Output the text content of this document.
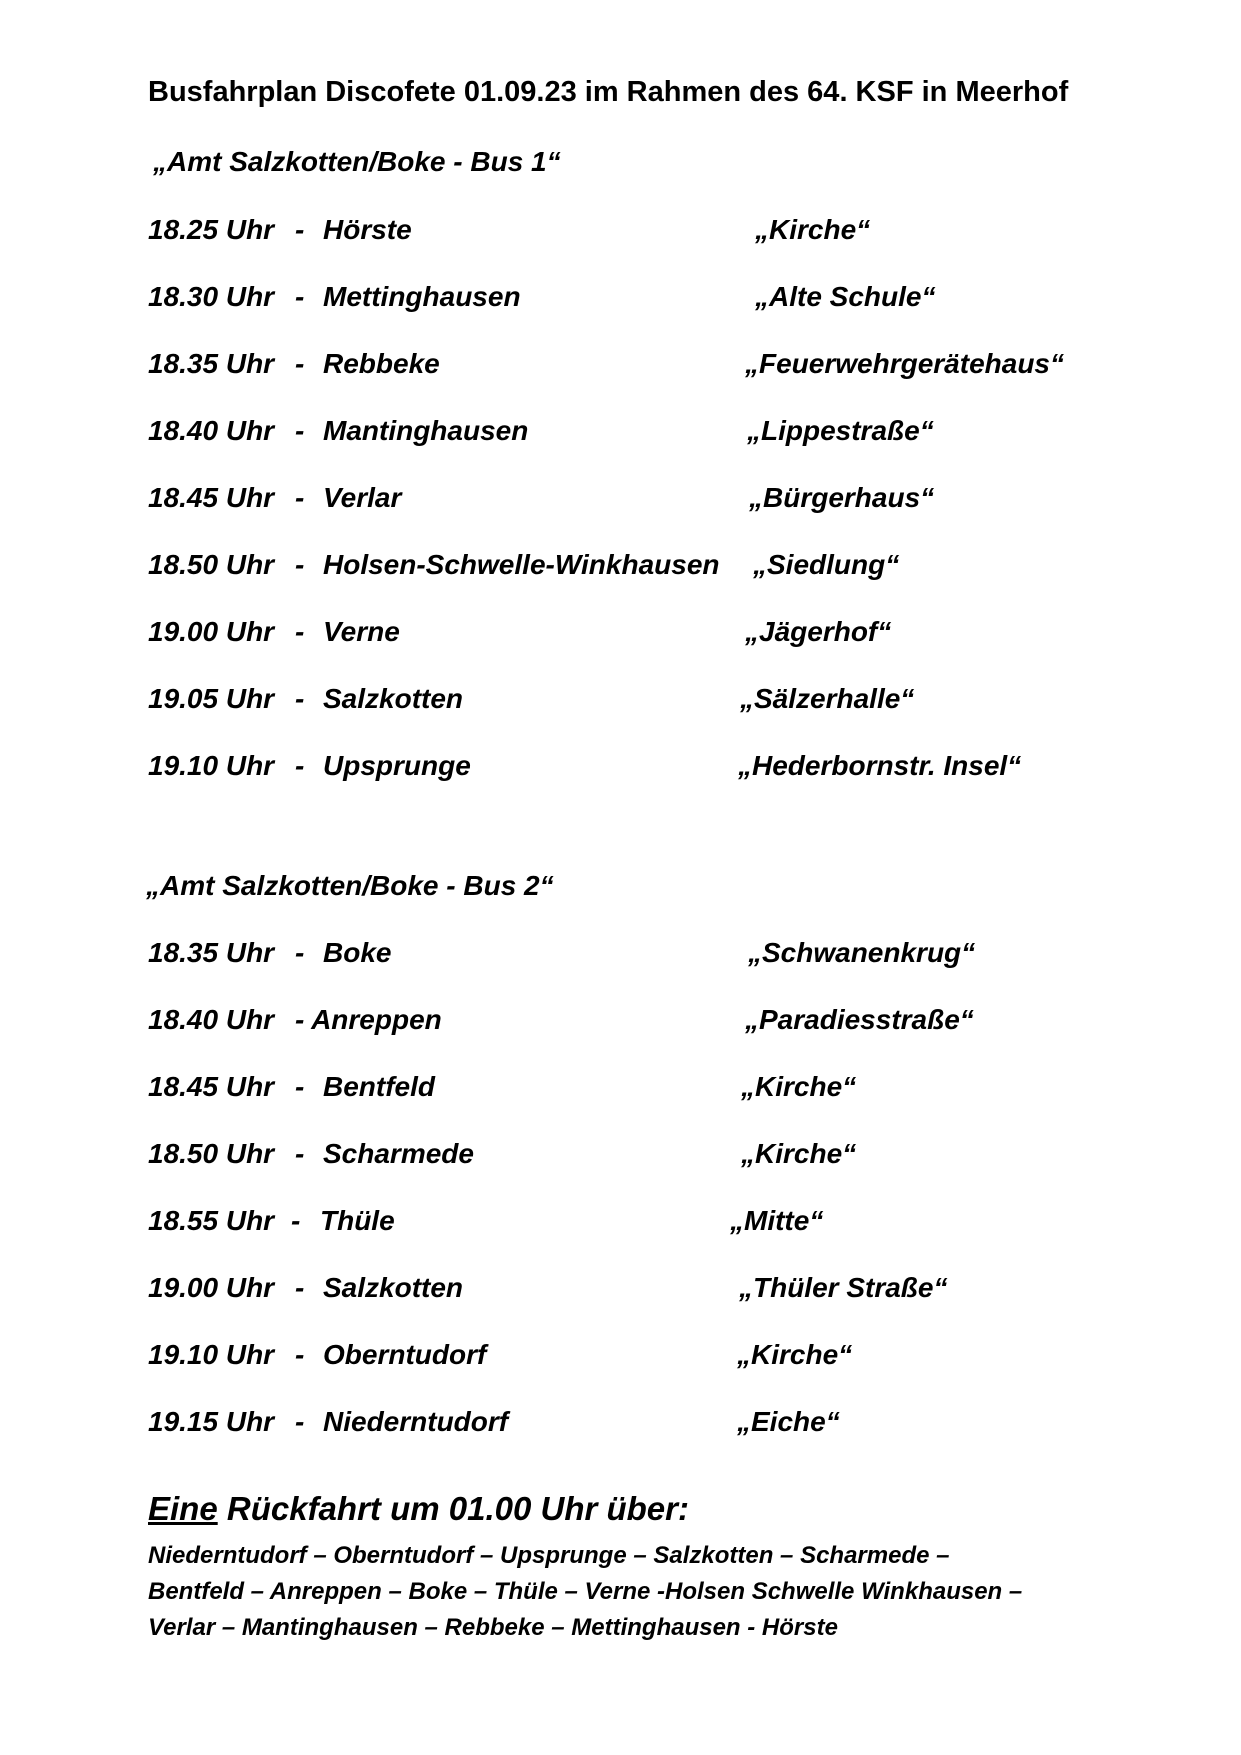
Busfahrplan Discofete 01.09.23 im Rahmen des 64. KSF in Meerhof
„Amt Salzkotten/Boke - Bus 1“
18.25 Uhr - Hörste	„Kirche“
18.30 Uhr - Mettinghausen	„Alte Schule“
18.35 Uhr - Rebbeke	„Feuerwehrgerätehaus“
18.40 Uhr - Mantinghausen	„Lippestraße“
18.45 Uhr - Verlar	„Bürgerhaus“
18.50 Uhr - Holsen-Schwelle-Winkhausen „Siedlung“
19.00 Uhr - Verne	„Jägerhof“
19.05 Uhr - Salzkotten	„Sälzerhalle“
19.10 Uhr - Upsprunge	„Hederbornstr. Insel“
„Amt Salzkotten/Boke - Bus 2“
18.35 Uhr - Boke	„Schwanenkrug“
18.40 Uhr - Anreppen	„Paradiesstraße“
18.45 Uhr - Bentfeld	„Kirche“
18.50 Uhr - Scharmede	„Kirche“
18.55 Uhr - Thüle	„Mitte“
19.00 Uhr - Salzkotten	„Thüler Straße“
19.10 Uhr - Oberntudorf	„Kirche“
19.15 Uhr - Niederntudorf	„Eiche“
Eine Rückfahrt um 01.00 Uhr über:
Niederntudorf – Oberntudorf – Upsprunge – Salzkotten – Scharmede –
Bentfeld – Anreppen – Boke – Thüle – Verne -Holsen Schwelle Winkhausen –
Verlar – Mantinghausen – Rebbeke – Mettinghausen - Hörste
